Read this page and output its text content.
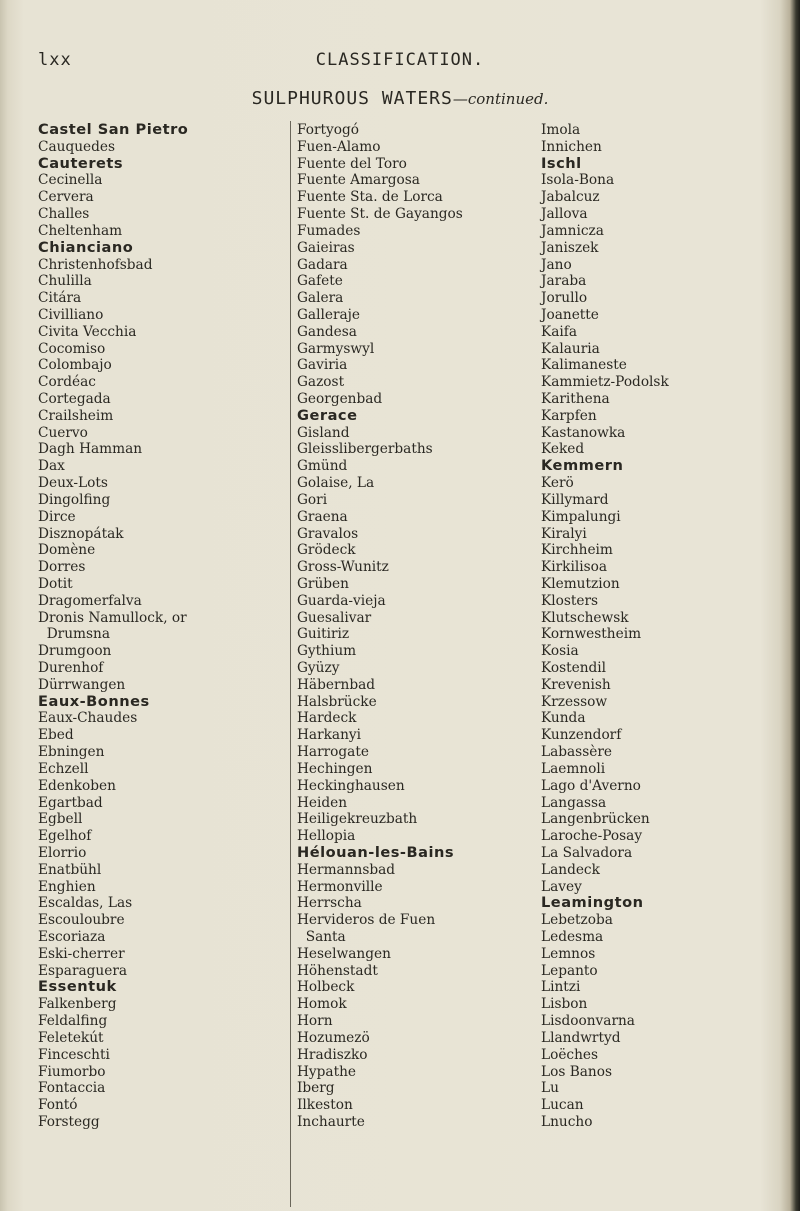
lxx	CLASSIFICATION.
SULPHUROUS WATERS—continued.
Castel San Pietro
Cauquedes
Cauterets
Cecinella
Cervera
Challes
Cheltenham
Chianciano
Christenhofsbad
Chulilla
Citára
Civilliano
Civita Vecchia
Cocomiso
Colombajo
Cordéac
Cortegada
Crailsheim
Cuervo
Dagh Hamman
Dax
Deux-Lots
Dingolfing
Dirce
Disznopátak
Domène
Dorres
Dotit
Dragomerfalva
Dronis Namullock, or
Drumsna
Drumgoon
Durenhof
Dürrwangen
Eaux-Bonnes
Eaux-Chaudes
Ebed
Ebningen
Echzell
Edenkoben
Egartbad
Egbell
Egelhof
Elorrio
Enatbühl
Enghien
Escaldas, Las
Escouloubre
Escoriaza
Eski-cherrer
Esparaguera
Essentuk
Falkenberg
Feldalfing
Feletekút
Finceschti
Fiumorbo
Fontaccia
Fontó
Forstegg
Fortyogó
Fuen-Alamo
Fuente del Toro
Fuente Amargosa
Fuente Sta. de Lorca
Fuente St. de Gayangos
Fumades
Gaieiras
Gadara
Gafete
Galera
Galleraje
Gandesa
Garmyswyl
Gaviria
Gazost
Georgenbad
Gerace
Gisland
Gleisslibergerbaths
Gmünd
Golaise, La
Gori
Graena
Gravalos
Grödeck
Gross-Wunitz
Grüben
Guarda-vieja
Guesalivar
Guitiriz
Gythium
Gyüzy
Häbernbad
Halsbrücke
Hardeck
Harkanyi
Harrogate
Hechingen
Heckinghausen
Heiden
Heiligekreuzbath
Hellopia
Hélouan-les-Bains
Hermannsbad
Hermonville
Herrscha
Hervideros de Fuen
Santa
Heselwangen
Höhenstadt
Holbeck
Homok
Horn
Hozumezö
Hradiszko
Hypathe
Iberg
Ilkeston
Inchaurte
Imola
Innichen
Ischl
Isola-Bona
Jabalcuz
Jallova
Jamnicza
Janiszek
Jano
Jaraba
Jorullo
Joanette
Kaifa
Kalauria
Kalimaneste
Kammietz-Podolsk
Karithena
Karpfen
Kastanowka
Keked
Kemmern
Kerö
Killymard
Kimpalungi
Kiralyi
Kirchheim
Kirkilisoa
Klemutzion
Klosters
Klutschewsk
Kornwestheim
Kosia
Kostendil
Krevenish
Krzessow
Kunda
Kunzendorf
Labassère
Laemnoli
Lago d'Averno
Langassa
Langenbrücken
Laroche-Posay
La Salvadora
Landeck
Lavey
Leamington
Lebetzoba
Ledesma
Lemnos
Lepanto
Lintzi
Lisbon
Lisdoonvarna
Llandwrtyd
Loëches
Los Banos
Lu
Lucan
Lnucho
